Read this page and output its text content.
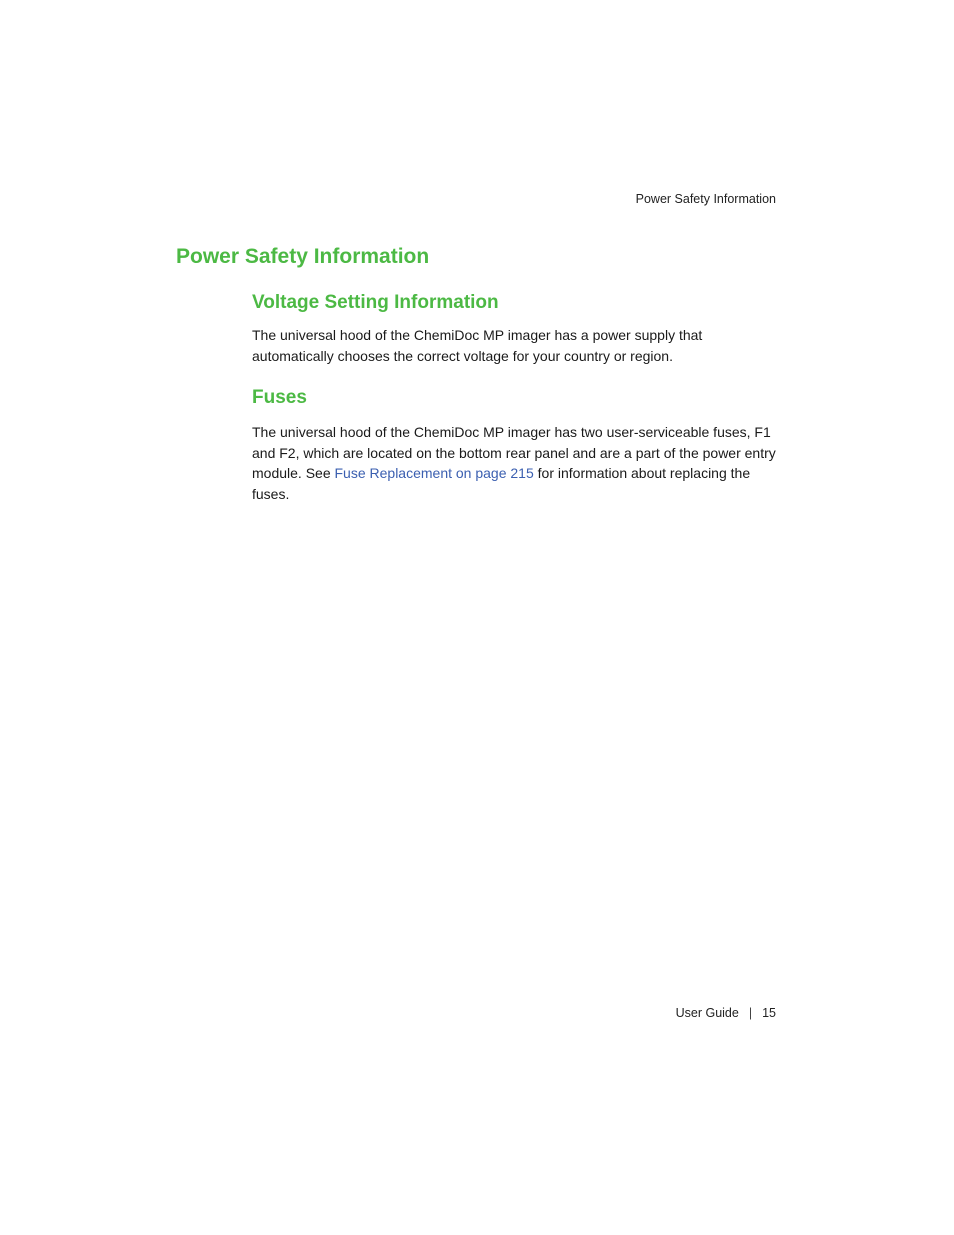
Power Safety Information
Power Safety Information
Voltage Setting Information

The universal hood of the ChemiDoc MP imager has a power supply that automatically chooses the correct voltage for your country or region.

Fuses

The universal hood of the ChemiDoc MP imager has two user-serviceable fuses, F1 and F2, which are located on the bottom rear panel and are a part of the power entry module. See Fuse Replacement on page 215 for information about replacing the fuses.

User Guide | 15
